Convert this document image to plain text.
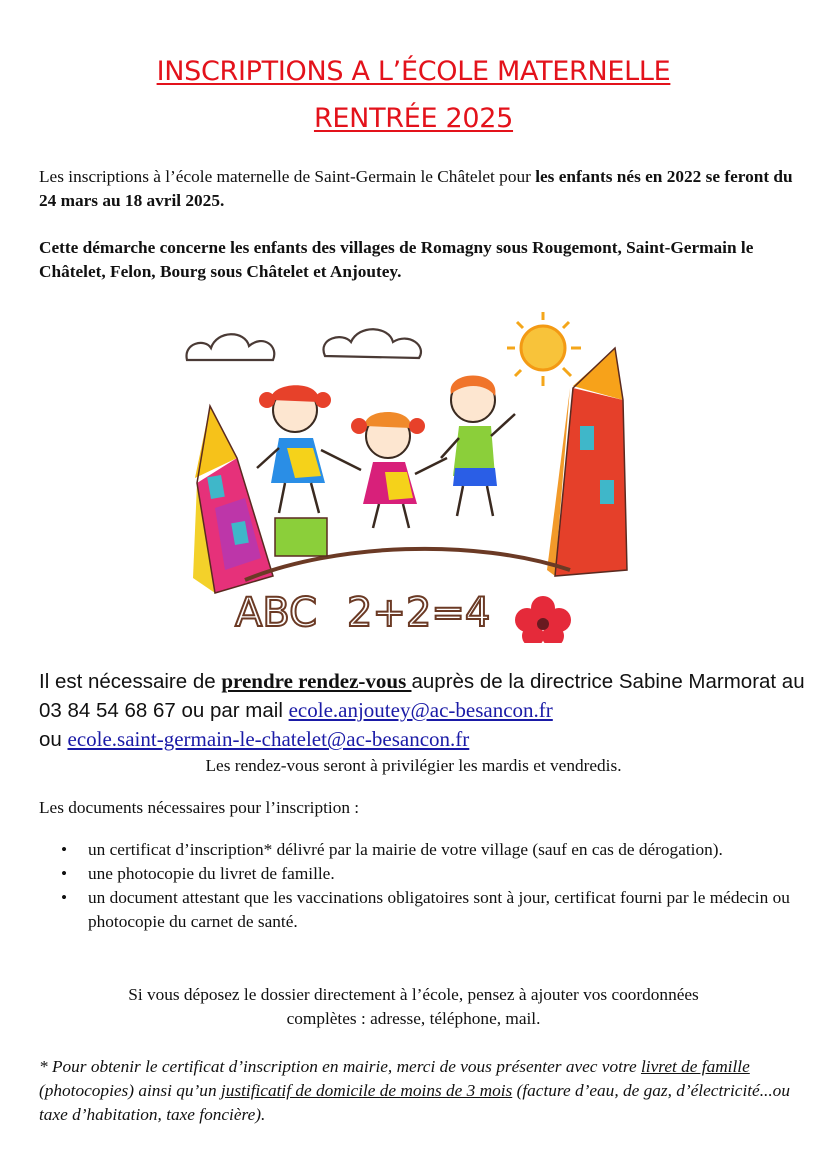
INSCRIPTIONS A L’ÉCOLE MATERNELLE
RENTRÉE 2025
Les inscriptions à l’école maternelle de Saint-Germain le Châtelet pour les enfants nés en 2022 se feront du 24 mars au 18 avril 2025.
Cette démarche concerne les enfants des villages de Romagny sous Rougemont, Saint-Germain le Châtelet, Felon, Bourg sous Châtelet et Anjoutey.
ABC 2+2=4
Il est nécessaire de prendre rendez-vous auprès de la directrice Sabine Marmorat au 03 84 54 68 67 ou par mail ecole.anjoutey@ac-besancon.fr
ou ecole.saint-germain-le-chatelet@ac-besancon.fr
Les rendez-vous seront à privilégier les mardis et vendredis.
Les documents nécessaires pour l’inscription :
• un certificat d’inscription* délivré par la mairie de votre village (sauf en cas de dérogation).
• une photocopie du livret de famille.
• un document attestant que les vaccinations obligatoires sont à jour, certificat fourni par le médecin ou photocopie du carnet de santé.
Si vous déposez le dossier directement à l’école, pensez à ajouter vos coordonnées
complètes : adresse, téléphone, mail.
* Pour obtenir le certificat d’inscription en mairie, merci de vous présenter avec votre livret de famille (photocopies) ainsi qu’un justificatif de domicile de moins de 3 mois (facture d’eau, de gaz, d’électricité...ou taxe d’habitation, taxe foncière).
